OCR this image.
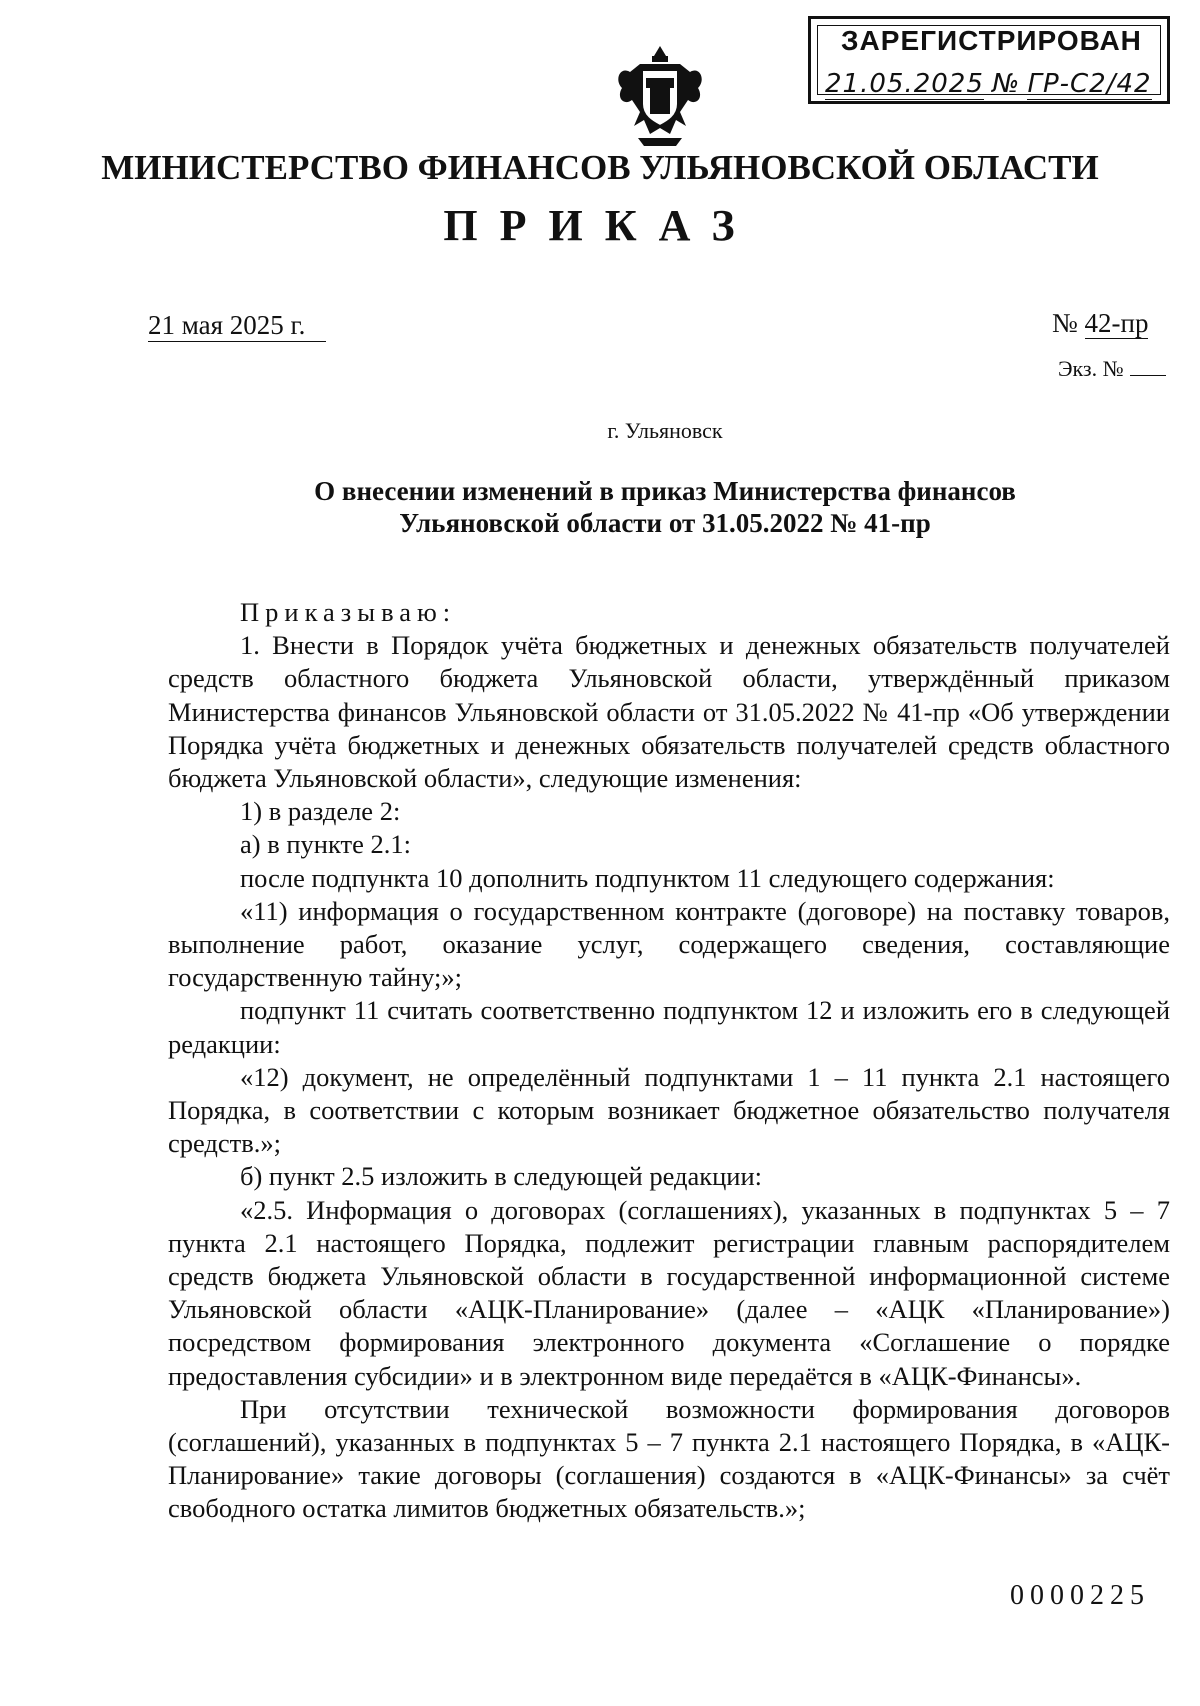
ЗАРЕГИСТРИРОВАН
21.05.2025 № ГР-С2/42
МИНИСТЕРСТВО ФИНАНСОВ УЛЬЯНОВСКОЙ ОБЛАСТИ
ПРИКАЗ
21 мая 2025 г.	№ 42-пр
Экз. №
г. Ульяновск
О внесении изменений в приказ Министерства финансов
Ульяновской области от 31.05.2022 № 41-пр

Приказываю:

1. Внести в Порядок учёта бюджетных и денежных обязательств получателей средств областного бюджета Ульяновской области, утверждённый приказом Министерства финансов Ульяновской области от 31.05.2022 № 41-пр «Об утверждении Порядка учёта бюджетных и денежных обязательств получателей средств областного бюджета Ульяновской области», следующие изменения:

1) в разделе 2:

а) в пункте 2.1:

после подпункта 10 дополнить подпунктом 11 следующего содержания:

«11) информация о государственном контракте (договоре) на поставку товаров, выполнение работ, оказание услуг, содержащего сведения, составляющие государственную тайну;»;

подпункт 11 считать соответственно подпунктом 12 и изложить его в следующей редакции:

«12) документ, не определённый подпунктами 1 – 11 пункта 2.1 настоящего Порядка, в соответствии с которым возникает бюджетное обязательство получателя средств.»;

б) пункт 2.5 изложить в следующей редакции:

«2.5. Информация о договорах (соглашениях), указанных в подпунктах 5 – 7 пункта 2.1 настоящего Порядка, подлежит регистрации главным распорядителем средств бюджета Ульяновской области в государственной информационной системе Ульяновской области «АЦК-Планирование» (далее – «АЦК «Планирование») посредством формирования электронного документа «Соглашение о порядке предоставления субсидии» и в электронном виде передаётся в «АЦК-Финансы».

При отсутствии технической возможности формирования договоров (соглашений), указанных в подпунктах 5 – 7 пункта 2.1 настоящего Порядка, в «АЦК-Планирование» такие договоры (соглашения) создаются в «АЦК-Финансы» за счёт свободного остатка лимитов бюджетных обязательств.»;

0000225
